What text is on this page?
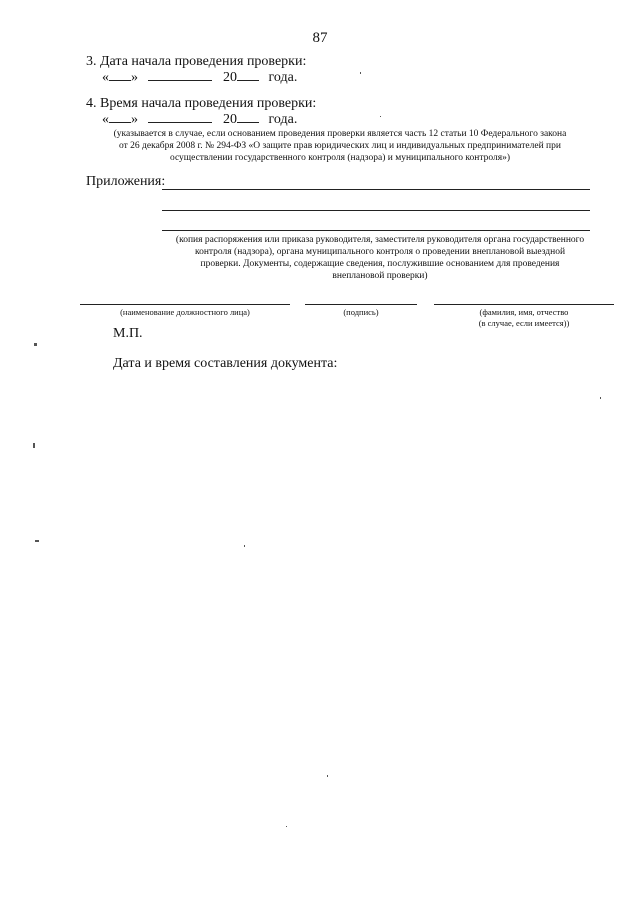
87
3. Дата начала проведения проверки:
« »	20 года.
4. Время начала проведения проверки:
« »	20 года.
(указывается в случае, если основанием проведения проверки является часть 12 статьи 10 Федерального закона
от 26 декабря 2008 г. № 294-ФЗ «О защите прав юридических лиц и индивидуальных предпринимателей при
осуществлении государственного контроля (надзора) и муниципального контроля»)
Приложения:
(копия распоряжения или приказа руководителя, заместителя руководителя органа государственного
контроля (надзора), органа муниципального контроля о проведении внеплановой выездной
проверки. Документы, содержащие сведения, послужившие основанием для проведения
внеплановой проверки)
(наименование должностного лица)	(подпись)	(фамилия, имя, отчество
(в случае, если имеется))
М.П.
Дата и время составления документа:
